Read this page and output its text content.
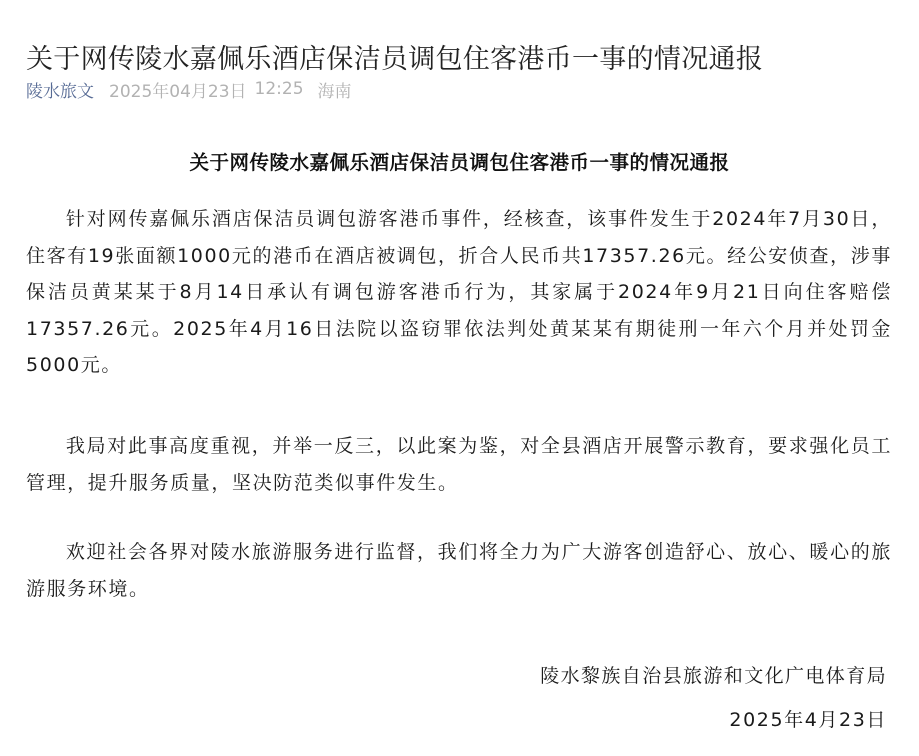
关于网传陵水嘉佩乐酒店保洁员调包住客港币一事的情况通报
陵水旅文 2025年04月23日 12:25 海南
关于网传陵水嘉佩乐酒店保洁员调包住客港币一事的情况通报

针对网传嘉佩乐酒店保洁员调包游客港币事件，经核查，该事件发生于2024年7月30日，住客有19张面额1000元的港币在酒店被调包，折合人民币共17357.26元。经公安侦查，涉事保洁员黄某某于8月14日承认有调包游客港币行为，其家属于2024年9月21日向住客赔偿17357.26元。2025年4月16日法院以盗窃罪依法判处黄某某有期徒刑一年六个月并处罚金5000元。

我局对此事高度重视，并举一反三，以此案为鉴，对全县酒店开展警示教育，要求强化员工管理，提升服务质量，坚决防范类似事件发生。

欢迎社会各界对陵水旅游服务进行监督，我们将全力为广大游客创造舒心、放心、暖心的旅游服务环境。

陵水黎族自治县旅游和文化广电体育局
2025年4月23日
